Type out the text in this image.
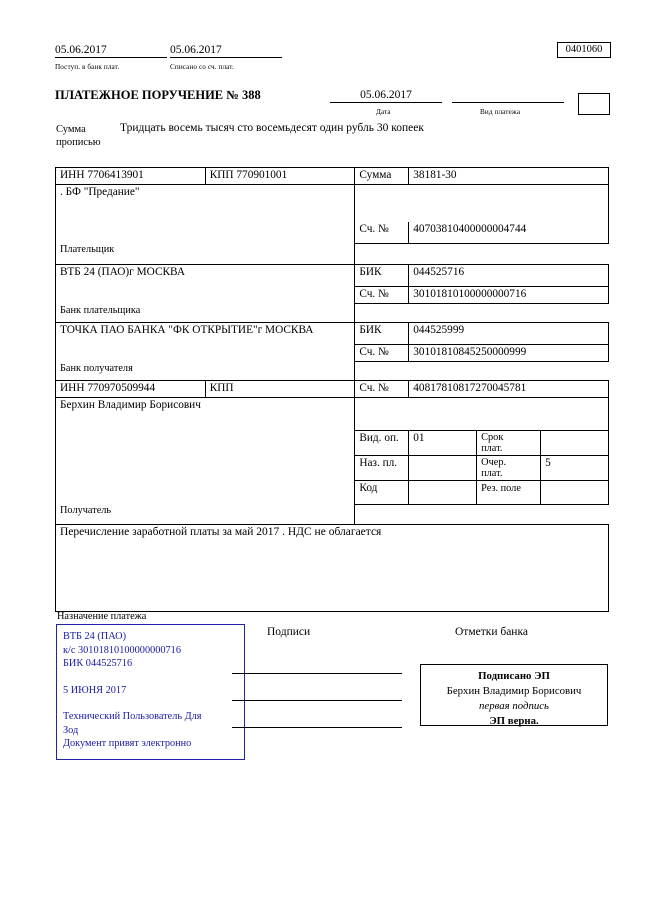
05.06.2017
Поступ. в банк плат.
05.06.2017
Списано со сч. плат.
0401060
ПЛАТЕЖНОЕ ПОРУЧЕНИЕ № 388	05.06.2017
Дата	Вид платежа
Сумма
прописью
Тридцать восемь тысяч сто восемьдесят один рубль 30 копеек
ИНН 7706413901	КПП 770901001	Сумма	38181-30		
. БФ "Предание"					
		Сч. №	40703810400000004744		
Плательщик					
ВТБ 24 (ПАО)г МОСКВА		БИК	044525716		
		Сч. №	30101810100000000716		
Банк плательщика					
ТОЧКА ПАО БАНКА "ФК ОТКРЫТИЕ"г МОСКВА		БИК	044525999		
		Сч. №	30101810845250000999		
Банк получателя					
ИНН 770970509944	КПП	Сч. №	40817810817270045781		
Берхин Владимир Борисович					
		Вид. оп.	01	Срок
плат.	

		Наз. пл.		Очер.
плат.	5
		Код		Рез. поле	
Получатель					
Перечисление заработной платы за май 2017 . НДС не облагается					
Назначение платежа
Подписи	Отметки банка
ВТБ 24 (ПАО)
к/с 30101810100000000716
БИК 044525716
5 ИЮНЯ 2017
Технический Пользователь Для
Зод
Документ привят электронно
Подписано ЭП
Берхин Владимир Борисович
первая подпись
ЭП верна.
